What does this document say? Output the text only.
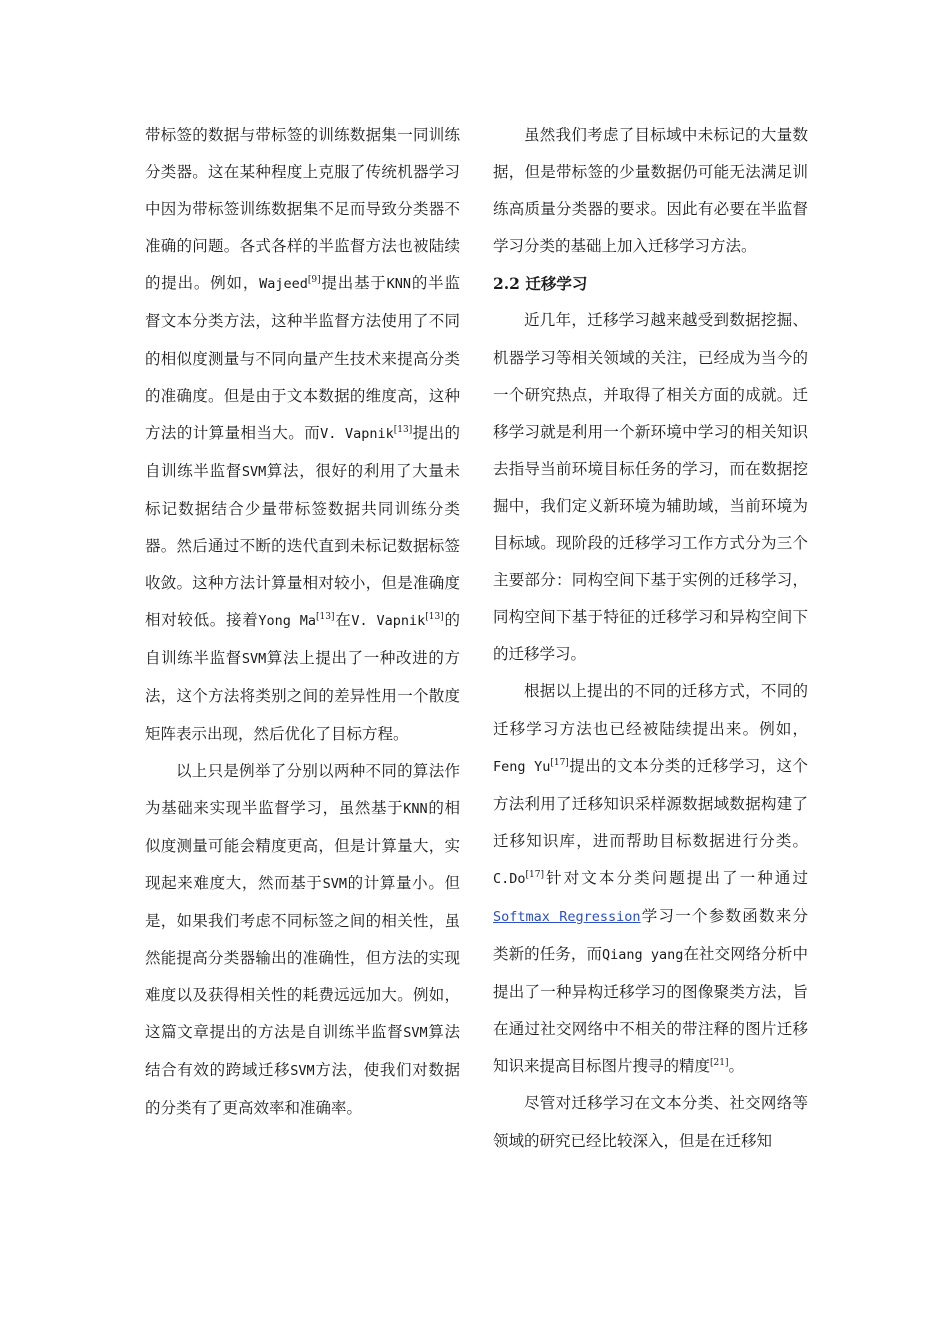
带标签的数据与带标签的训练数据集一同训练分类器。这在某种程度上克服了传统机器学习中因为带标签训练数据集不足而导致分类器不准确的问题。各式各样的半监督方法也被陆续的提出。例如，Wajeed[9]提出基于KNN的半监督文本分类方法，这种半监督方法使用了不同的相似度测量与不同向量产生技术来提高分类的准确度。但是由于文本数据的维度高，这种方法的计算量相当大。而V. Vapnik[13]提出的自训练半监督SVM算法，很好的利用了大量未标记数据结合少量带标签数据共同训练分类器。然后通过不断的迭代直到未标记数据标签收敛。这种方法计算量相对较小，但是准确度相对较低。接着Yong Ma[13]在V. Vapnik[13]的自训练半监督SVM算法上提出了一种改进的方法，这个方法将类别之间的差异性用一个散度矩阵表示出现，然后优化了目标方程。

以上只是例举了分别以两种不同的算法作为基础来实现半监督学习，虽然基于KNN的相似度测量可能会精度更高，但是计算量大，实现起来难度大，然而基于SVM的计算量小。但是，如果我们考虑不同标签之间的相关性，虽然能提高分类器输出的准确性，但方法的实现难度以及获得相关性的耗费远远加大。例如，这篇文章提出的方法是自训练半监督SVM算法结合有效的跨域迁移SVM方法，使我们对数据的分类有了更高效率和准确率。

虽然我们考虑了目标域中未标记的大量数据，但是带标签的少量数据仍可能无法满足训练高质量分类器的要求。因此有必要在半监督学习分类的基础上加入迁移学习方法。

2.2 迁移学习

近几年，迁移学习越来越受到数据挖掘、机器学习等相关领域的关注，已经成为当今的一个研究热点，并取得了相关方面的成就。迁移学习就是利用一个新环境中学习的相关知识去指导当前环境目标任务的学习，而在数据挖掘中，我们定义新环境为辅助域，当前环境为目标域。现阶段的迁移学习工作方式分为三个主要部分：同构空间下基于实例的迁移学习，同构空间下基于特征的迁移学习和异构空间下的迁移学习。

根据以上提出的不同的迁移方式，不同的迁移学习方法也已经被陆续提出来。例如，Feng Yu[17]提出的文本分类的迁移学习，这个方法利用了迁移知识采样源数据域数据构建了迁移知识库，进而帮助目标数据进行分类。C.Do[17]针对文本分类问题提出了一种通过Softmax Regression学习一个参数函数来分类新的任务，而Qiang yang在社交网络分析中提出了一种异构迁移学习的图像聚类方法，旨在通过社交网络中不相关的带注释的图片迁移知识来提高目标图片搜寻的精度[21]。

尽管对迁移学习在文本分类、社交网络等领域的研究已经比较深入，但是在迁移知
